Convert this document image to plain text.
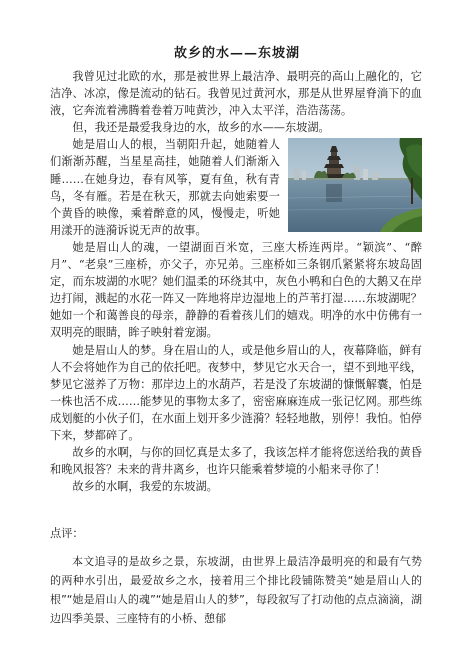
故乡的水——东坡湖

我曾见过北欧的水，那是被世界上最洁净、最明亮的高山上融化的，它洁净、冰凉，像是流动的钻石。我曾见过黄河水，那是从世界屋脊淌下的血液，它奔流着沸腾着卷着万吨黄沙，冲入太平洋，浩浩荡荡。

但，我还是最爱我身边的水，故乡的水——东坡湖。

她是眉山人的根，当朝阳升起，她随着人们渐渐苏醒，当星星高挂，她随着人们渐渐入睡……在她身边，春有风筝，夏有鱼，秋有青鸟，冬有雁。若是在秋天，那就去向她索要一个黄昏的映像，乘着醉意的风，慢慢走，听她用漾开的涟漪诉说无声的故事。

她是眉山人的魂，一望湖面百米宽，三座大桥连两岸。“颖滨”、“醉月”、“老泉”三座桥，亦父子，亦兄弟。三座桥如三条钢爪紧紧将东坡岛固定，而东坡湖的水呢？她们温柔的环绕其中，灰色小鸭和白色的大鹅又在岸边打闹，溅起的水花一阵又一阵地将岸边湿地上的芦苇打湿……东坡湖呢？她如一个和蔼善良的母亲，静静的看着孩儿们的嬉戏。明净的水中仿佛有一双明亮的眼睛，眸子映射着宠溺。

她是眉山人的梦。身在眉山的人，或是他乡眉山的人，夜幕降临，鲜有人不会将她作为自己的依托吧。夜梦中，梦见它水天合一，望不到地平线，梦见它滋养了万物：那岸边上的水葫芦，若是没了东坡湖的慷慨解囊，怕是一株也活不成……能梦见的事物太多了，密密麻麻连成一张记忆网。那些练成划艇的小伙子们，在水面上划开多少涟漪？轻轻地散，别停！我怕。怕停下来，梦都碎了。

故乡的水啊，与你的回忆真是太多了，我该怎样才能将您送给我的黄昏和晚风报答？未来的背井离乡，也许只能乘着梦境的小船来寻你了！

故乡的水啊，我爱的东坡湖。

点评：

本文追寻的是故乡之景，东坡湖，由世界上最洁净最明亮的和最有气势的两种水引出，最爱故乡之水，接着用三个排比段铺陈赞美“她是眉山人的根”“她是眉山人的魂”“她是眉山人的梦”，每段叙写了打动他的点点滴滴，湖边四季美景、三座特有的小桥、憩郁
